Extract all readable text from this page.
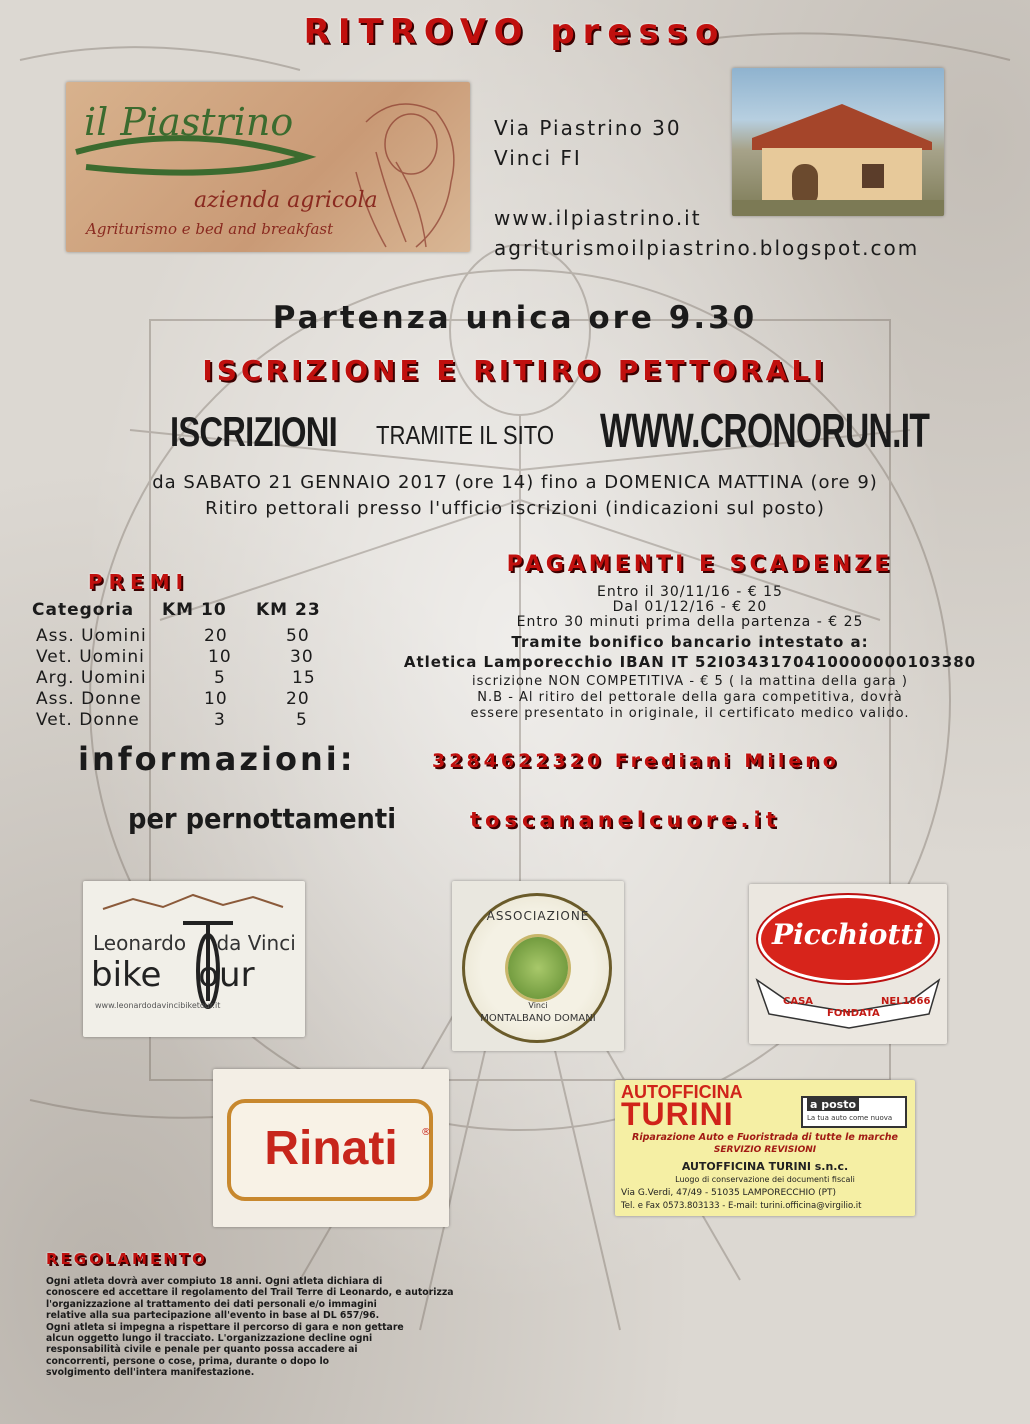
RITROVO presso
il Piastrino
azienda agricola
Agriturismo e bed and breakfast
Via Piastrino 30
Vinci FI
www.ilpiastrino.it
agriturismoilpiastrino.blogspot.com
Partenza unica ore 9.30
ISCRIZIONE E RITIRO PETTORALI
ISCRIZIONI TRAMITE IL SITO WWW.CRONORUN.IT
da SABATO 21 GENNAIO 2017 (ore 14) fino a DOMENICA MATTINA (ore 9)
Ritiro pettorali presso l'ufficio iscrizioni (indicazioni sul posto)
PREMI
Categoria KM 10 KM 23
Ass. Uomini	20	50
Vet. Uomini	10	30
Arg. Uomini	5	15
Ass. Donne	10	20
Vet. Donne	3	5
PAGAMENTI E SCADENZE
Entro il 30/11/16 - € 15
Dal 01/12/16 - € 20
Entro 30 minuti prima della partenza - € 25
Tramite bonifico bancario intestato a:
Atletica Lamporecchio IBAN IT 52I0343170410000000103380
iscrizione NON COMPETITIVA - € 5 ( la mattina della gara )
N.B - Al ritiro del pettorale della gara competitiva, dovrà
essere presentato in originale, il certificato medico valido.
informazioni:	3284622320 Frediani Mileno
per pernottamenti	toscananelcuore.it
Leonardo da Vinci
bike our
www.leonardodavincibiketour.it
ASSOCIAZIONE
Vinci
MONTALBANO DOMANI
Picchiotti
CASA
FONDATA
NEL1866
Rinati	®
AUTOFFICINA
TURINI	a posto
La tua auto come nuova
Riparazione Auto e Fuoristrada di tutte le marche
SERVIZIO REVISIONI
AUTOFFICINA TURINI s.n.c.
Luogo di conservazione dei documenti fiscali
Via G.Verdi, 47/49 - 51035 LAMPORECCHIO (PT)
Tel. e Fax 0573.803133 - E-mail: turini.officina@virgilio.it
REGOLAMENTO
Ogni atleta dovrà aver compiuto 18 anni. Ogni atleta dichiara di
conoscere ed accettare il regolamento del Trail Terre di Leonardo, e autorizza
l'organizzazione al trattamento dei dati personali e/o immagini
relative alla sua partecipazione all'evento in base al DL 657/96.
Ogni atleta si impegna a rispettare il percorso di gara e non gettare
alcun oggetto lungo il tracciato. L'organizzazione decline ogni
responsabilità civile e penale per quanto possa accadere ai
concorrenti, persone o cose, prima, durante o dopo lo
svolgimento dell'intera manifestazione.
